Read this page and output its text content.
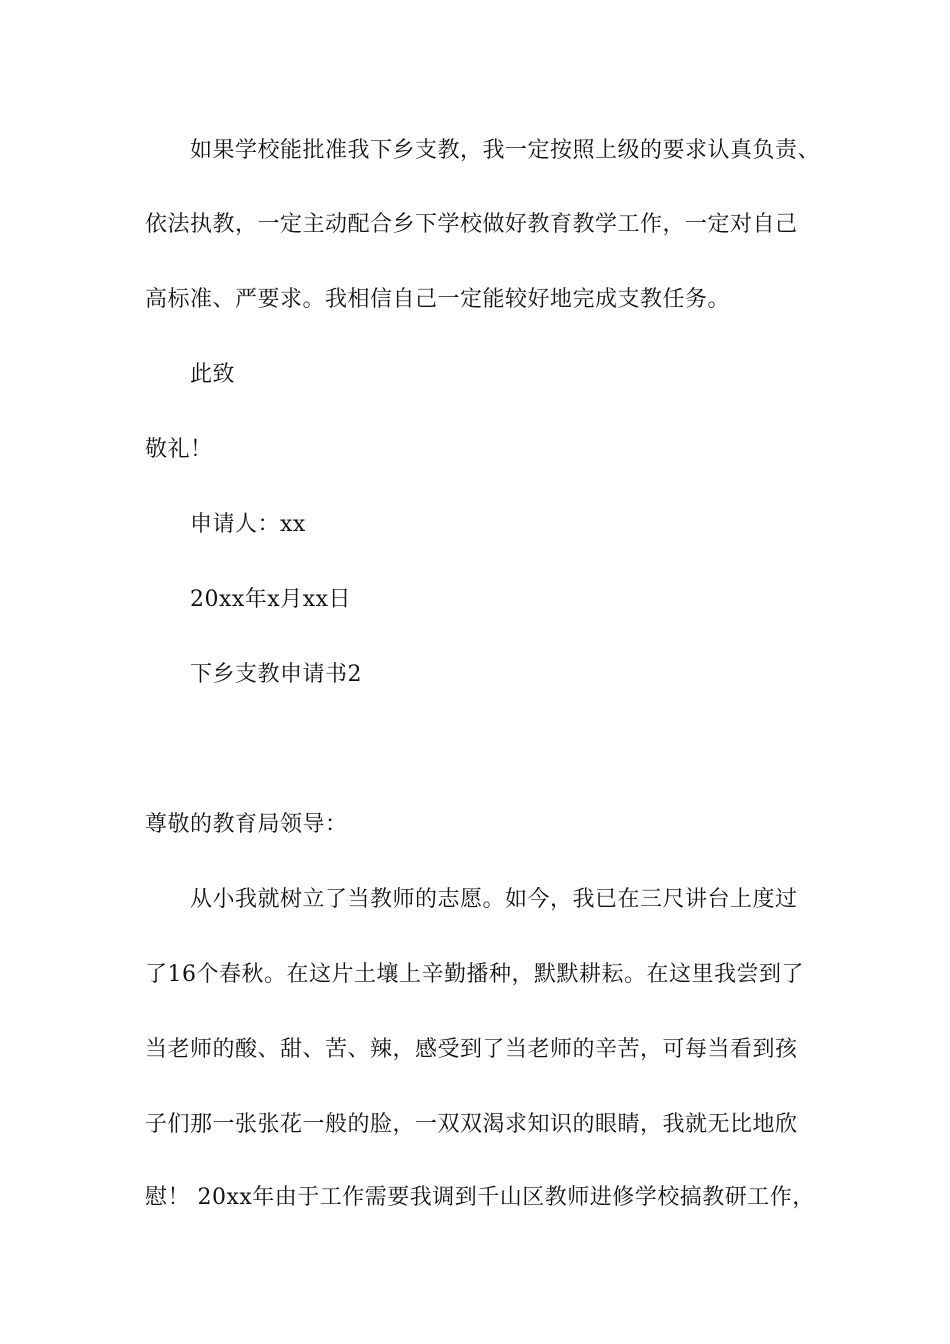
如果学校能批准我下乡支教，我一定按照上级的要求认真负责、
依法执教，一定主动配合乡下学校做好教育教学工作，一定对自己
高标准、严要求。我相信自己一定能较好地完成支教任务。
此致
敬礼！
申请人：xx
20xx年x月xx日
下乡支教申请书2
尊敬的教育局领导：
从小我就树立了当教师的志愿。如今，我已在三尺讲台上度过
了16个春秋。在这片土壤上辛勤播种，默默耕耘。在这里我尝到了
当老师的酸、甜、苦、辣，感受到了当老师的辛苦，可每当看到孩
子们那一张张花一般的脸，一双双渴求知识的眼睛，我就无比地欣
慰！ 20xx年由于工作需要我调到千山区教师进修学校搞教研工作，
